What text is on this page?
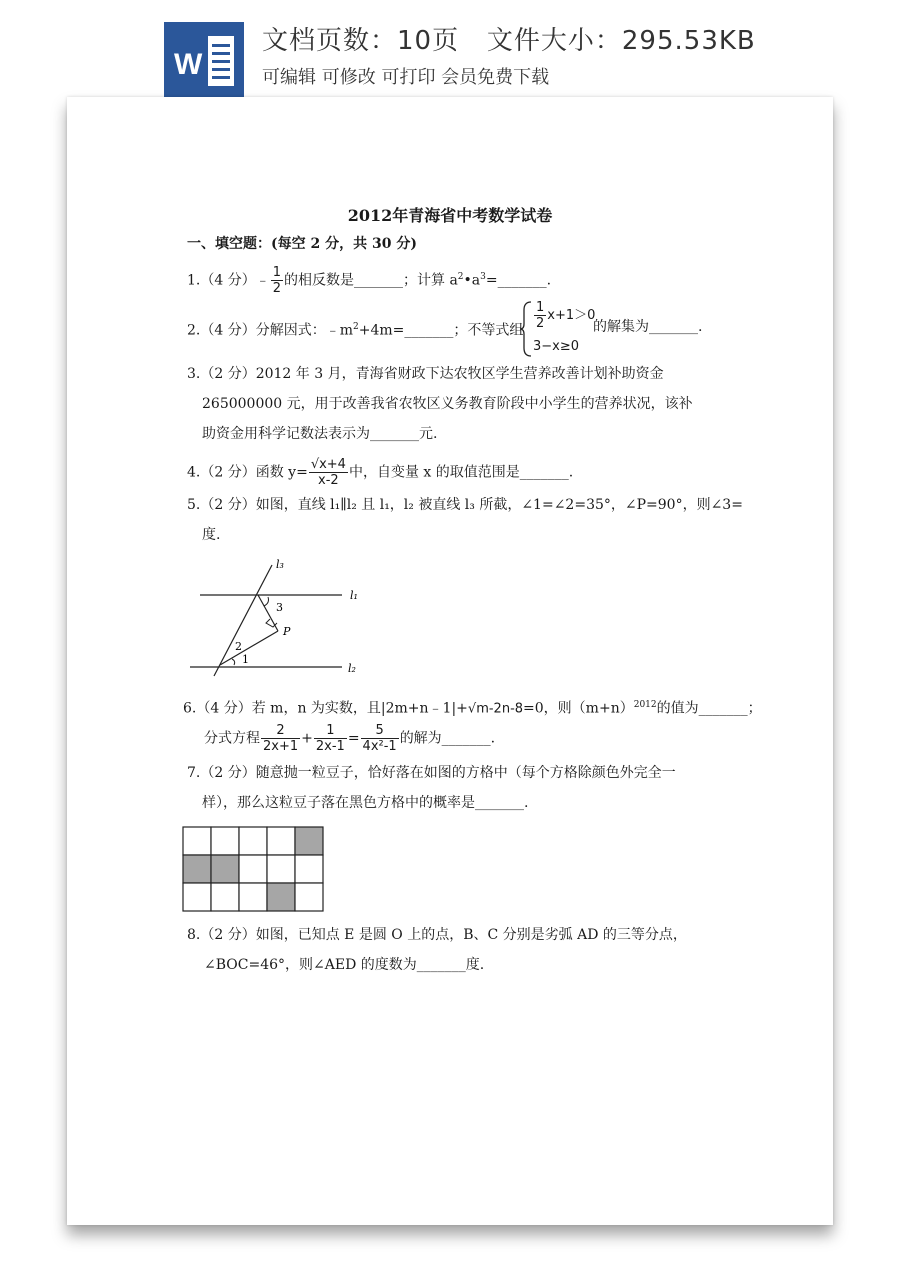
W
文档页数：10页 文件大小：295.53KB
可编辑 可修改 可打印 会员免费下载
2012年青海省中考数学试卷
一、填空题：(每空 2 分，共 30 分)
1.（4 分）﹣ $\frac{1}{2}$ 的相反数是_______；计算 $a^2•a^3=\_\_\_\_\_\_\_$.
2.（4 分）分解因式：$﹣m^2+4m=\_\_\_\_\_\_\_$；不等式组 $\frac{1}{2} x+1>0$
3−x≥0
的解集为_______.
3.（2 分）2012 年 3 月，青海省财政下达农牧区学生营养改善计划补助资金
265000000 元，用于改善我省农牧区义务教育阶段中小学生的营养状况，该补
助资金用科学记数法表示为_______元.
4.（2 分）函数 $y= \frac{√x+4}{x-2}$ 中，自变量 x 的取值范围是_______.
5.（2 分）如图，直线 l₁∥l₂ 且 l₁，l₂ 被直线 l₃ 所截，∠1=∠2=35°，∠P=90°，则∠3=
度.
l₃
l₁
l₂
3
P
2
1
6.（4 分）若 m，n 为实数，且|2m+n﹣1|+√m-2n-8=0，则$(m+n)^{2012}$的值为_______；
分式方程 $\frac{2}{2x+1} + \frac{1}{2x-1} = \frac{5}{\text{4x²-1}}$ 的解为_______.
7.（2 分）随意抛一粒豆子，恰好落在如图的方格中（每个方格除颜色外完全一
样），那么这粒豆子落在黑色方格中的概率是_______.
8.（2 分）如图，已知点 E 是圆 O 上的点，B、C 分别是劣弧 AD 的三等分点，
∠BOC=46°，则∠AED 的度数为_______度.
